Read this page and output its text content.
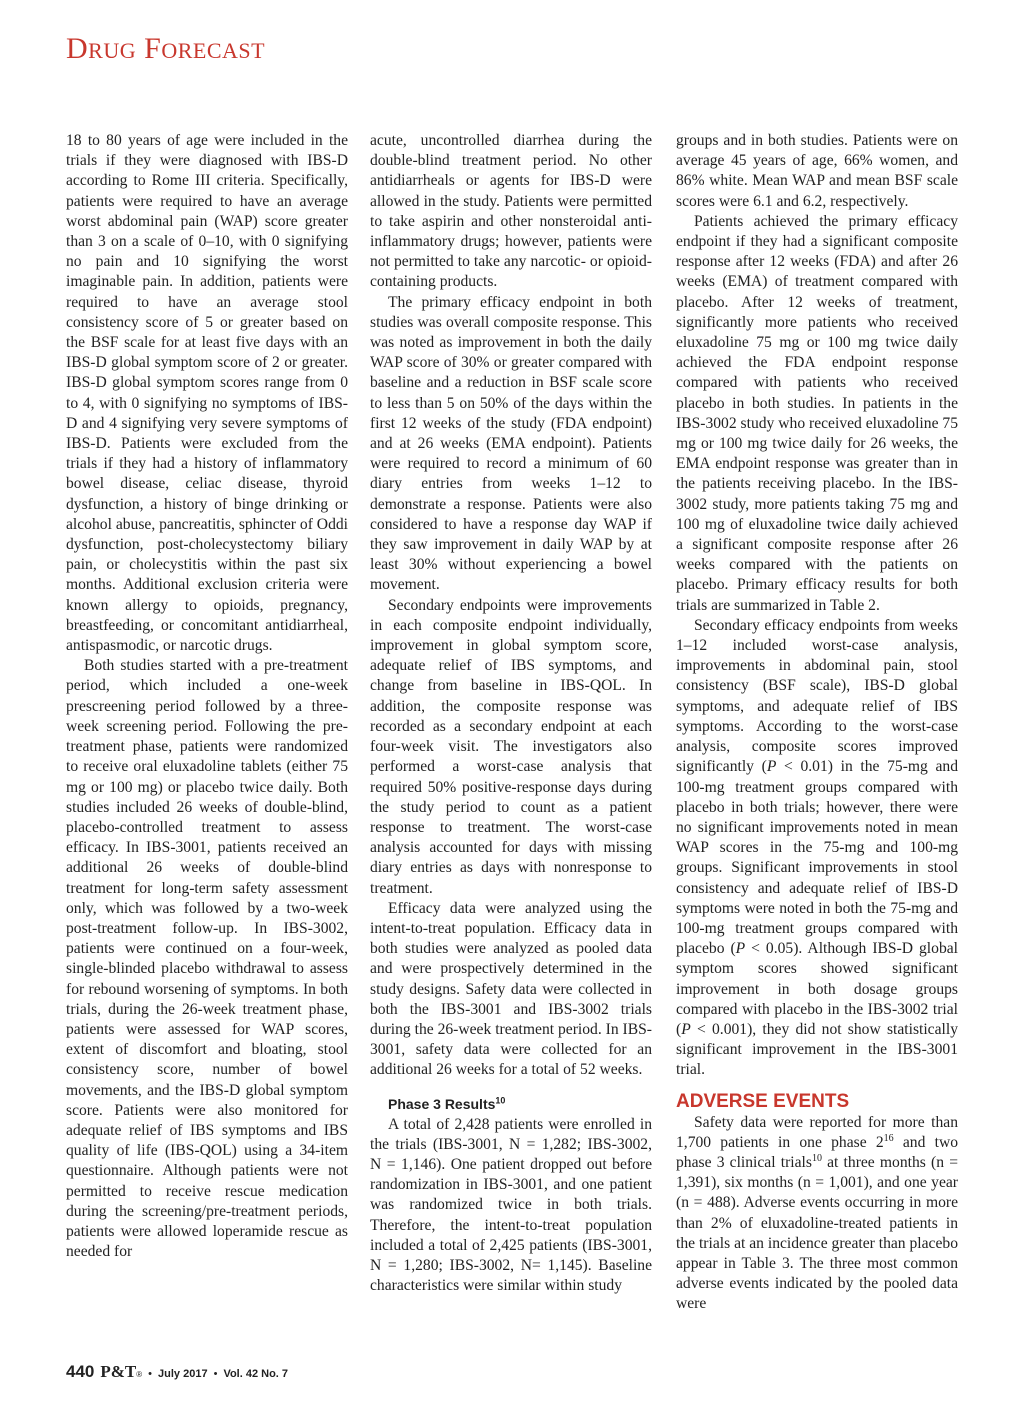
DRUG FORECAST

18 to 80 years of age were included in the trials if they were diagnosed with IBS-D according to Rome III criteria. Specifically, patients were required to have an average worst abdominal pain (WAP) score greater than 3 on a scale of 0–10, with 0 signifying no pain and 10 signifying the worst imaginable pain. In addition, patients were required to have an average stool consistency score of 5 or greater based on the BSF scale for at least five days with an IBS-D global symptom score of 2 or greater. IBS-D global symptom scores range from 0 to 4, with 0 signifying no symptoms of IBS-D and 4 signifying very severe symptoms of IBS-D. Patients were excluded from the trials if they had a history of inflammatory bowel disease, celiac disease, thyroid dysfunction, a history of binge drinking or alcohol abuse, pancreatitis, sphincter of Oddi dysfunction, post-cholecystectomy biliary pain, or cholecystitis within the past six months. Additional exclusion criteria were known allergy to opioids, pregnancy, breastfeeding, or concomitant antidiarrheal, antispasmodic, or narcotic drugs.

Both studies started with a pre-treatment period, which included a one-week prescreening period followed by a three-week screening period. Following the pre-treatment phase, patients were randomized to receive oral eluxadoline tablets (either 75 mg or 100 mg) or placebo twice daily. Both studies included 26 weeks of double-blind, placebo-controlled treatment to assess efficacy. In IBS-3001, patients received an additional 26 weeks of double-blind treatment for long-term safety assessment only, which was followed by a two-week post-treatment follow-up. In IBS-3002, patients were continued on a four-week, single-blinded placebo withdrawal to assess for rebound worsening of symptoms. In both trials, during the 26-week treatment phase, patients were assessed for WAP scores, extent of discomfort and bloating, stool consistency score, number of bowel movements, and the IBS-D global symptom score. Patients were also monitored for adequate relief of IBS symptoms and IBS quality of life (IBS-QOL) using a 34-item questionnaire. Although patients were not permitted to receive rescue medication during the screening/pre-treatment periods, patients were allowed loperamide rescue as needed for

acute, uncontrolled diarrhea during the double-blind treatment period. No other antidiarrheals or agents for IBS-D were allowed in the study. Patients were permitted to take aspirin and other nonsteroidal anti-inflammatory drugs; however, patients were not permitted to take any narcotic- or opioid-containing products.

The primary efficacy endpoint in both studies was overall composite response. This was noted as improvement in both the daily WAP score of 30% or greater compared with baseline and a reduction in BSF scale score to less than 5 on 50% of the days within the first 12 weeks of the study (FDA endpoint) and at 26 weeks (EMA endpoint). Patients were required to record a minimum of 60 diary entries from weeks 1–12 to demonstrate a response. Patients were also considered to have a response day WAP if they saw improvement in daily WAP by at least 30% without experiencing a bowel movement.

Secondary endpoints were improvements in each composite endpoint individually, improvement in global symptom score, adequate relief of IBS symptoms, and change from baseline in IBS-QOL. In addition, the composite response was recorded as a secondary endpoint at each four-week visit. The investigators also performed a worst-case analysis that required 50% positive-response days during the study period to count as a patient response to treatment. The worst-case analysis accounted for days with missing diary entries as days with nonresponse to treatment.

Efficacy data were analyzed using the intent-to-treat population. Efficacy data in both studies were analyzed as pooled data and were prospectively determined in the study designs. Safety data were collected in both the IBS-3001 and IBS-3002 trials during the 26-week treatment period. In IBS-3001, safety data were collected for an additional 26 weeks for a total of 52 weeks.

Phase 3 Results$^{10}$

A total of 2,428 patients were enrolled in the trials (IBS-3001, N = 1,282; IBS-3002, N = 1,146). One patient dropped out before randomization in IBS-3001, and one patient was randomized twice in both trials. Therefore, the intent-to-treat population included a total of 2,425 patients (IBS-3001, N = 1,280; IBS-3002, N= 1,145). Baseline characteristics were similar within study

groups and in both studies. Patients were on average 45 years of age, 66% women, and 86% white. Mean WAP and mean BSF scale scores were 6.1 and 6.2, respectively.

Patients achieved the primary efficacy endpoint if they had a significant composite response after 12 weeks (FDA) and after 26 weeks (EMA) of treatment compared with placebo. After 12 weeks of treatment, significantly more patients who received eluxadoline 75 mg or 100 mg twice daily achieved the FDA endpoint response compared with patients who received placebo in both studies. In patients in the IBS-3002 study who received eluxadoline 75 mg or 100 mg twice daily for 26 weeks, the EMA endpoint response was greater than in the patients receiving placebo. In the IBS-3002 study, more patients taking 75 mg and 100 mg of eluxadoline twice daily achieved a significant composite response after 26 weeks compared with the patients on placebo. Primary efficacy results for both trials are summarized in Table 2.

Secondary efficacy endpoints from weeks 1–12 included worst-case analysis, improvements in abdominal pain, stool consistency (BSF scale), IBS-D global symptoms, and adequate relief of IBS symptoms. According to the worst-case analysis, composite scores improved significantly (P < 0.01) in the 75-mg and 100-mg treatment groups compared with placebo in both trials; however, there were no significant improvements noted in mean WAP scores in the 75-mg and 100-mg groups. Significant improvements in stool consistency and adequate relief of IBS-D symptoms were noted in both the 75-mg and 100-mg treatment groups compared with placebo (P < 0.05). Although IBS-D global symptom scores showed significant improvement in both dosage groups compared with placebo in the IBS-3002 trial (P < 0.001), they did not show statistically significant improvement in the IBS-3001 trial.

ADVERSE EVENTS

Safety data were reported for more than 1,700 patients in one phase $2^{16}$ and two phase 3 clinical trials$^{10}$ at three months (n = 1,391), six months (n = 1,001), and one year (n = 488). Adverse events occurring in more than 2% of eluxadoline-treated patients in the trials at an incidence greater than placebo appear in Table 3. The three most common adverse events indicated by the pooled data were

440 P&T® • July 2017 • Vol. 42 No. 7
